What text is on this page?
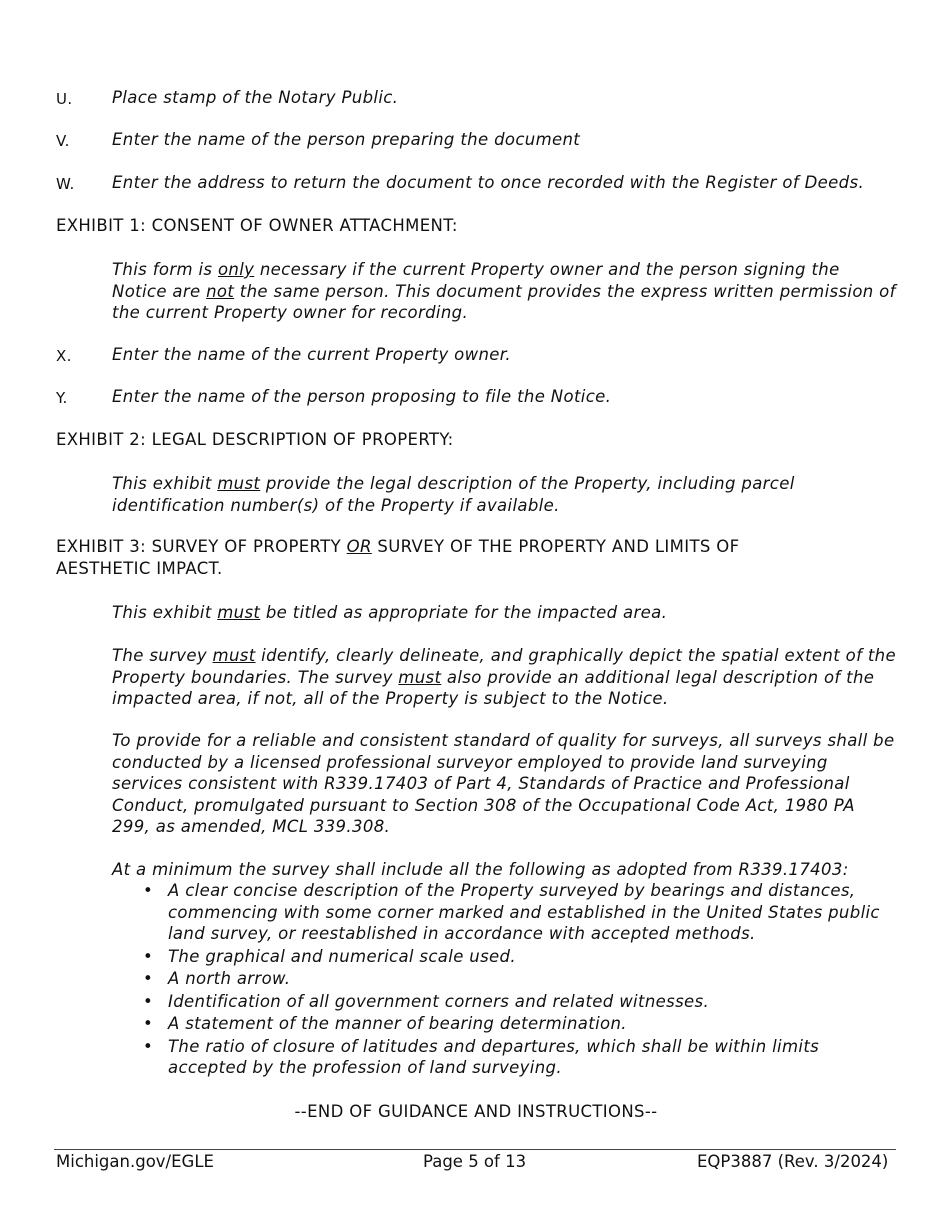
U. Place stamp of the Notary Public.
V.	Enter the name of the person preparing the document
W. Enter the address to return the document to once recorded with the Register of Deeds.
EXHIBIT 1: CONSENT OF OWNER ATTACHMENT:
This form is only necessary if the current Property owner and the person signing the Notice are not the same person. This document provides the express written permission of the current Property owner for recording.
X. Enter the name of the current Property owner.
Y.	Enter the name of the person proposing to file the Notice.
EXHIBIT 2: LEGAL DESCRIPTION OF PROPERTY:
This exhibit must provide the legal description of the Property, including parcel identification number(s) of the Property if available.
EXHIBIT 3: SURVEY OF PROPERTY OR SURVEY OF THE PROPERTY AND LIMITS OF
AESTHETIC IMPACT.
This exhibit must be titled as appropriate for the impacted area.
The survey must identify, clearly delineate, and graphically depict the spatial extent of the Property boundaries. The survey must also provide an additional legal description of the impacted area, if not, all of the Property is subject to the Notice.
To provide for a reliable and consistent standard of quality for surveys, all surveys shall be conducted by a licensed professional surveyor employed to provide land surveying services consistent with R339.17403 of Part 4, Standards of Practice and Professional Conduct, promulgated pursuant to Section 308 of the Occupational Code Act, 1980 PA 299, as amended, MCL 339.308.
At a minimum the survey shall include all the following as adopted from R339.17403:
• A clear concise description of the Property surveyed by bearings and distances, commencing with some corner marked and established in the United States public land survey, or reestablished in accordance with accepted methods.
• The graphical and numerical scale used.
• A north arrow.
• Identification of all government corners and related witnesses.
• A statement of the manner of bearing determination.
• The ratio of closure of latitudes and departures, which shall be within limits accepted by the profession of land surveying.
--END OF GUIDANCE AND INSTRUCTIONS--
Michigan.gov/EGLE	Page 5 of 13	EQP3887 (Rev. 3/2024)
